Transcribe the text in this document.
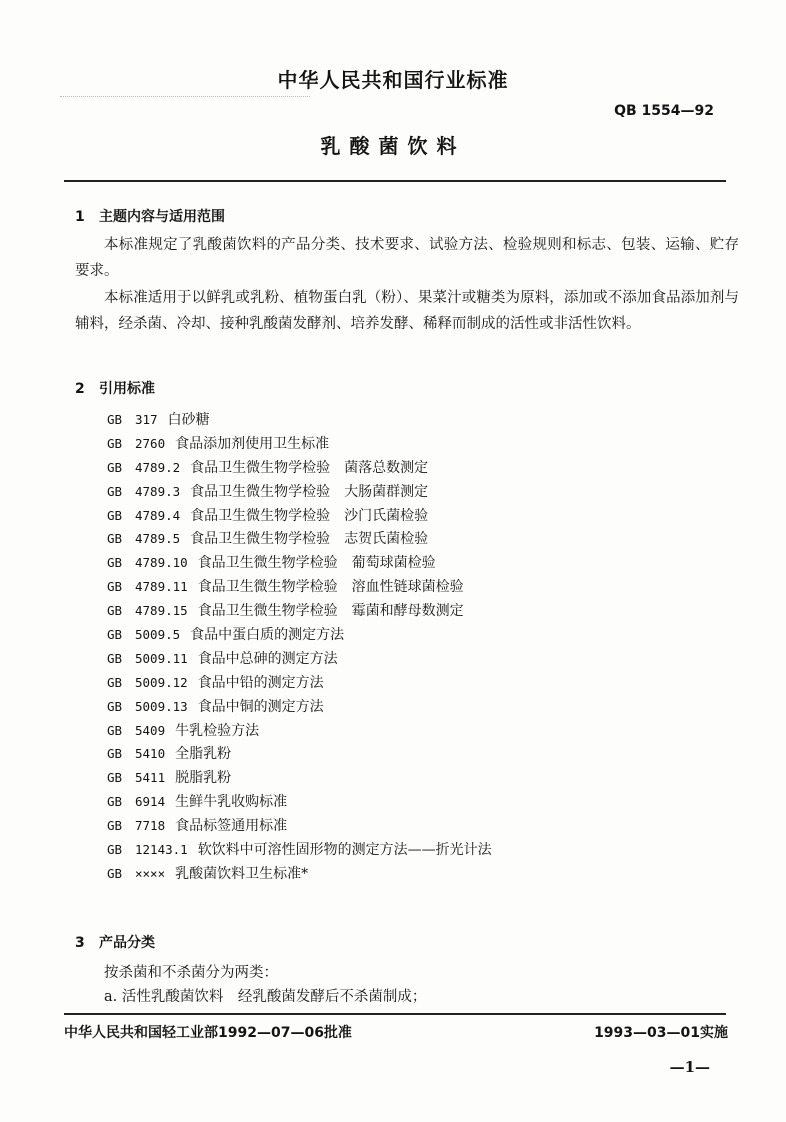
中华人民共和国行业标准
QB 1554—92
乳酸菌饮料
1 主题内容与适用范围
本标准规定了乳酸菌饮料的产品分类、技术要求、试验方法、检验规则和标志、包装、运输、贮存要求。
本标准适用于以鲜乳或乳粉、植物蛋白乳（粉）、果菜汁或糖类为原料，添加或不添加食品添加剂与辅料，经杀菌、冷却、接种乳酸菌发酵剂、培养发酵、稀释而制成的活性或非活性饮料。
2 引用标准
GB 317 白砂糖
GB 2760 食品添加剂使用卫生标准
GB 4789.2 食品卫生微生物学检验　菌落总数测定
GB 4789.3 食品卫生微生物学检验　大肠菌群测定
GB 4789.4 食品卫生微生物学检验　沙门氏菌检验
GB 4789.5 食品卫生微生物学检验　志贺氏菌检验
GB 4789.10 食品卫生微生物学检验　葡萄球菌检验
GB 4789.11 食品卫生微生物学检验　溶血性链球菌检验
GB 4789.15 食品卫生微生物学检验　霉菌和酵母数测定
GB 5009.5 食品中蛋白质的测定方法
GB 5009.11 食品中总砷的测定方法
GB 5009.12 食品中铅的测定方法
GB 5009.13 食品中铜的测定方法
GB 5409 牛乳检验方法
GB 5410 全脂乳粉
GB 5411 脱脂乳粉
GB 6914 生鲜牛乳收购标准
GB 7718 食品标签通用标准
GB 12143.1 软饮料中可溶性固形物的测定方法——折光计法
GB ×××× 乳酸菌饮料卫生标准*
3 产品分类
按杀菌和不杀菌分为两类：
a. 活性乳酸菌饮料　经乳酸菌发酵后不杀菌制成；
中华人民共和国轻工业部1992—07—06批准	1993—03—01实施
—1—
